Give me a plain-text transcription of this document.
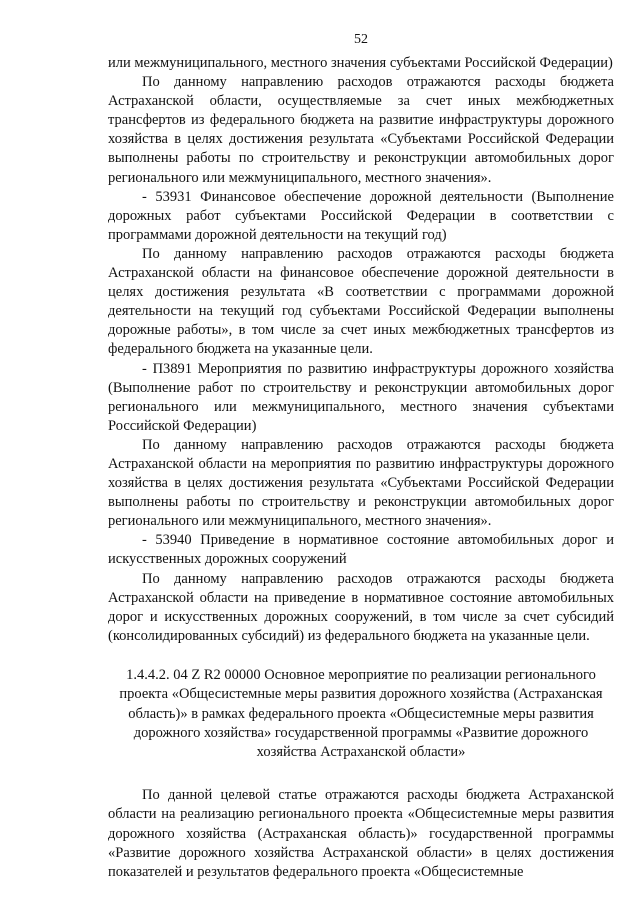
52

или межмуниципального, местного значения субъектами Российской Федерации)

По данному направлению расходов отражаются расходы бюджета Астраханской области, осуществляемые за счет иных межбюджетных трансфертов из федерального бюджета на развитие инфраструктуры дорожного хозяйства в целях достижения результата «Субъектами Российской Федерации выполнены работы по строительству и реконструкции автомобильных дорог регионального или межмуниципального, местного значения».

- 53931 Финансовое обеспечение дорожной деятельности (Выполнение дорожных работ субъектами Российской Федерации в соответствии с программами дорожной деятельности на текущий год)

По данному направлению расходов отражаются расходы бюджета Астраханской области на финансовое обеспечение дорожной деятельности в целях достижения результата «В соответствии с программами дорожной деятельности на текущий год субъектами Российской Федерации выполнены дорожные работы», в том числе за счет иных межбюджетных трансфертов из федерального бюджета на указанные цели.

- П3891 Мероприятия по развитию инфраструктуры дорожного хозяйства (Выполнение работ по строительству и реконструкции автомобильных дорог регионального или межмуниципального, местного значения субъектами Российской Федерации)

По данному направлению расходов отражаются расходы бюджета Астраханской области на мероприятия по развитию инфраструктуры дорожного хозяйства в целях достижения результата «Субъектами Российской Федерации выполнены работы по строительству и реконструкции автомобильных дорог регионального или межмуниципального, местного значения».

- 53940 Приведение в нормативное состояние автомобильных дорог и искусственных дорожных сооружений

По данному направлению расходов отражаются расходы бюджета Астраханской области на приведение в нормативное состояние автомобильных дорог и искусственных дорожных сооружений, в том числе за счет субсидий (консолидированных субсидий) из федерального бюджета на указанные цели.

1.4.4.2. 04 Z R2 00000 Основное мероприятие по реализации регионального проекта «Общесистемные меры развития дорожного хозяйства (Астраханская область)» в рамках федерального проекта «Общесистемные меры развития дорожного хозяйства» государственной программы «Развитие дорожного хозяйства Астраханской области»

По данной целевой статье отражаются расходы бюджета Астраханской области на реализацию регионального проекта «Общесистемные меры развития дорожного хозяйства (Астраханская область)» государственной программы «Развитие дорожного хозяйства Астраханской области» в целях достижения показателей и результатов федерального проекта «Общесистемные
